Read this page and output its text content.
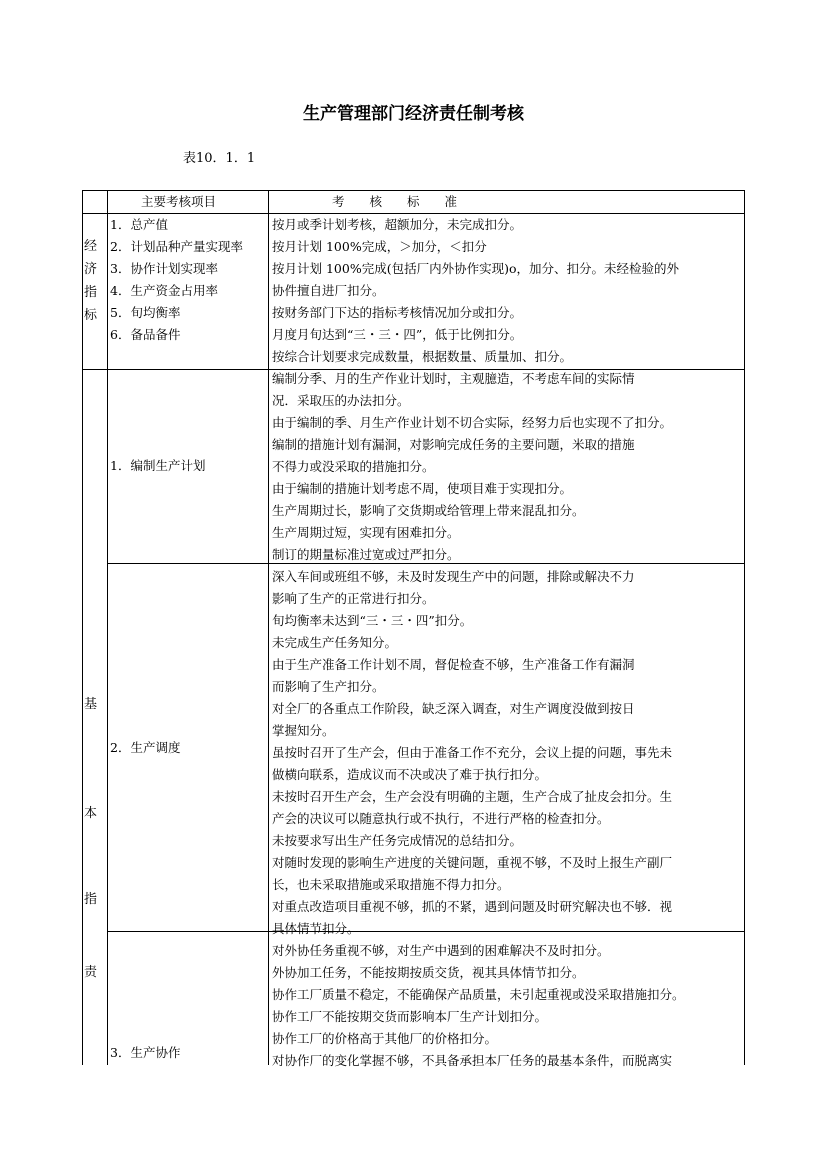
生产管理部门经济责任制考核
表10．1．1
主要考核项目	考　　核　　标　　准
经
济
指
标
基
本
指
责
1．总产值
2．计划品种产量实现率
3．协作计划实现率
4．生产资金占用率
5．旬均衡率
6．备品备件
1．编制生产计划
2．生产调度
3．生产协作
按月或季计划考核，超额加分，未完成扣分。
按月计划 100%完成，＞加分，＜扣分
按月计划 100%完成(包括厂内外协作实现)o，加分、扣分。未经检验的外
协件擅自进厂扣分。
按财务部门下达的指标考核情况加分或扣分。
月度月旬达到“三・三・四”，低于比例扣分。
按综合计划要求完成数量，根据数量、质量加、扣分。
编制分季、月的生产作业计划时，主观臆造，不考虑车间的实际情
况．采取压的办法扣分。
由于编制的季、月生产作业计划不切合实际，经努力后也实现不了扣分。
编制的措施计划有漏洞，对影响完成任务的主要问题，米取的措施
不得力或没采取的措施扣分。
由于编制的措施计划考虑不周，使项目难于实现扣分。
生产周期过长，影响了交货期或给管理上带来混乱扣分。
生产周期过短，实现有困难扣分。
制订的期量标准过宽或过严扣分。
深入车间或班组不够，未及时发现生产中的问题，排除或解决不力
影响了生产的正常进行扣分。
旬均衡率未达到“三・三・四”扣分。
未完成生产任务知分。
由于生产准备工作计划不周，督促检查不够，生产准备工作有漏洞
而影响了生产扣分。
对全厂的各重点工作阶段，缺乏深入调查，对生产调度没做到按日
掌握知分。
虽按时召开了生产会，但由于准备工作不充分，会议上提的问题，事先未
做横向联系，造成议而不决或决了难于执行扣分。
未按时召开生产会，生产会没有明确的主题，生产合成了扯皮会扣分。生
产会的决议可以随意执行或不执行，不进行严格的检查扣分。
未按要求写出生产任务完成情况的总结扣分。
对随时发现的影响生产进度的关键问题，重视不够，不及时上报生产副厂
长，也未采取措施或采取措施不得力扣分。
对重点改造项目重视不够，抓的不紧，遇到问题及时研究解决也不够．视
具体情节扣分。
对外协任务重视不够，对生产中遇到的困难解决不及时扣分。
外协加工任务，不能按期按质交货，视其具体情节扣分。
协作工厂质量不稳定，不能确保产品质量，未引起重视或没采取措施扣分。
协作工厂不能按期交货而影响本厂生产计划扣分。
协作工厂的价格高于其他厂的价格扣分。
对协作厂的变化掌握不够，不具备承担本厂任务的最基本条件，而脱离实
